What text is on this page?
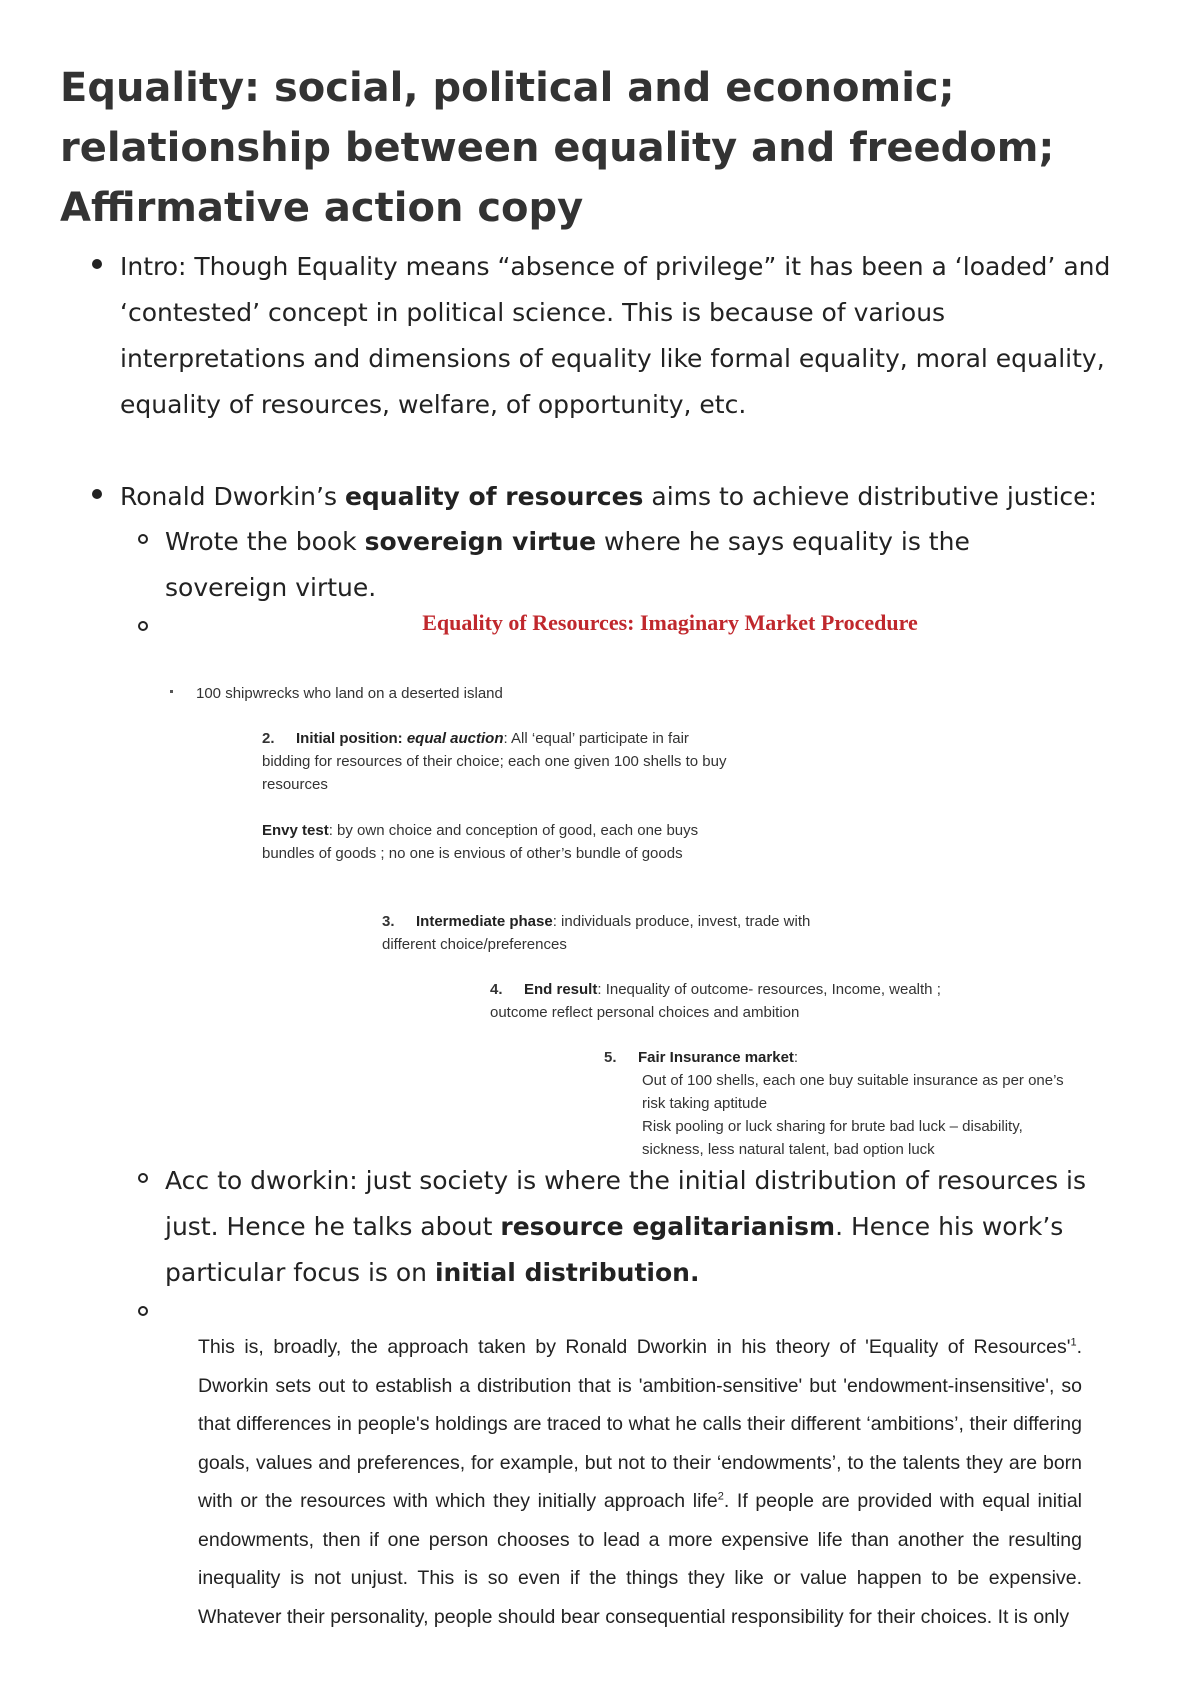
Equality: social, political and economic; relationship between equality and freedom; Affirmative action copy

Intro: Though Equality means “absence of privilege” it has been a ‘loaded’ and ‘contested’ concept in political science. This is because of various interpretations and dimensions of equality like formal equality, moral equality, equality of resources, welfare, of opportunity, etc.

Ronald Dworkin’s equality of resources aims to achieve distributive justice:

Wrote the book sovereign virtue where he says equality is the sovereign virtue.

Equality of Resources: Imaginary Market Procedure

100 shipwrecks who land on a deserted island

2. Initial position: equal auction: All ‘equal’ participate in fair bidding for resources of their choice; each one given 100 shells to buy resources

Envy test: by own choice and conception of good, each one buys bundles of goods ; no one is envious of other’s bundle of goods

3. Intermediate phase: individuals produce, invest, trade with different choice/preferences

4. End result: Inequality of outcome- resources, Income, wealth ; outcome reflect personal choices and ambition

5. Fair Insurance market:

Out of 100 shells, each one buy suitable insurance as per one’s risk taking aptitude
Risk pooling or luck sharing for brute bad luck – disability, sickness, less natural talent, bad option luck

Acc to dworkin: just society is where the initial distribution of resources is just. Hence he talks about resource egalitarianism. Hence his work’s particular focus is on initial distribution.

This is, broadly, the approach taken by Ronald Dworkin in his theory of 'Equality of $Resources'^1$. Dworkin sets out to establish a distribution that is 'ambition-sensitive' but 'endowment-insensitive', so that differences in people's holdings are traced to what he calls their different ‘ambitions’, their differing goals, values and preferences, for example, but not to their ‘endowments’, to the talents they are born with or the resources with which they initially approach life$^2$. If people are provided with equal initial endowments, then if one person chooses to lead a more expensive life than another the resulting inequality is not unjust. This is so even if the things they like or value happen to be expensive. Whatever their personality, people should bear consequential responsibility for their choices. It is only
